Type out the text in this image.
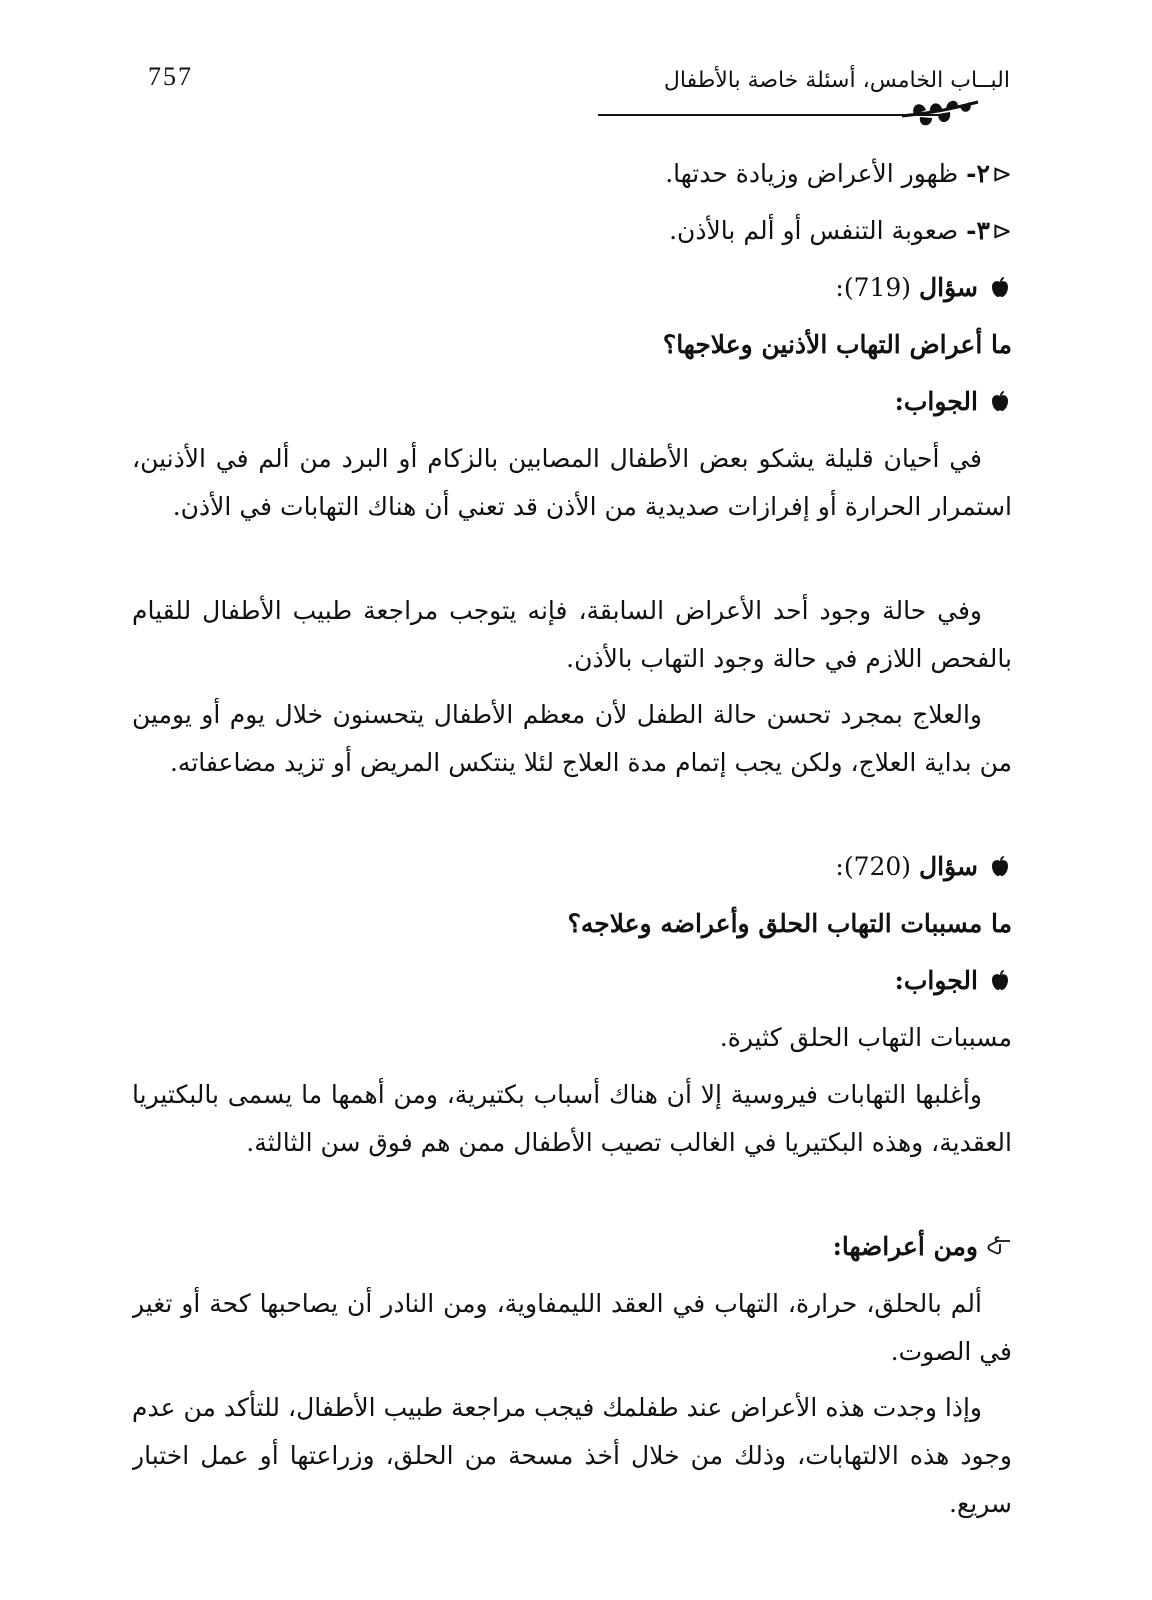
757	البــاب الخامس، أسئلة خاصة بالأطفال

⊲٢- ظهور الأعراض وزيادة حدتها.

⊲٣- صعوبة التنفس أو ألم بالأذن.

سؤال (719):

ما أعراض التهاب الأذنين وعلاجها؟

الجواب:

في أحيان قليلة يشكو بعض الأطفال المصابين بالزكام أو البرد من ألم في الأذنين، استمرار الحرارة أو إفرازات صديدية من الأذن قد تعني أن هناك التهابات في الأذن.

وفي حالة وجود أحد الأعراض السابقة، فإنه يتوجب مراجعة طبيب الأطفال للقيام بالفحص اللازم في حالة وجود التهاب بالأذن.

والعلاج بمجرد تحسن حالة الطفل لأن معظم الأطفال يتحسنون خلال يوم أو يومين من بداية العلاج، ولكن يجب إتمام مدة العلاج لئلا ينتكس المريض أو تزيد مضاعفاته.

سؤال (720):

ما مسببات التهاب الحلق وأعراضه وعلاجه؟

الجواب:

مسببات التهاب الحلق كثيرة.

وأغلبها التهابات فيروسية إلا أن هناك أسباب بكتيرية، ومن أهمها ما يسمى بالبكتيريا العقدية، وهذه البكتيريا في الغالب تصيب الأطفال ممن هم فوق سن الثالثة.

ومن أعراضها:

ألم بالحلق، حرارة، التهاب في العقد الليمفاوية، ومن النادر أن يصاحبها كحة أو تغير في الصوت.

وإذا وجدت هذه الأعراض عند طفلمك فيجب مراجعة طبيب الأطفال، للتأكد من عدم وجود هذه الالتهابات، وذلك من خلال أخذ مسحة من الحلق، وزراعتها أو عمل اختبار سريع.
